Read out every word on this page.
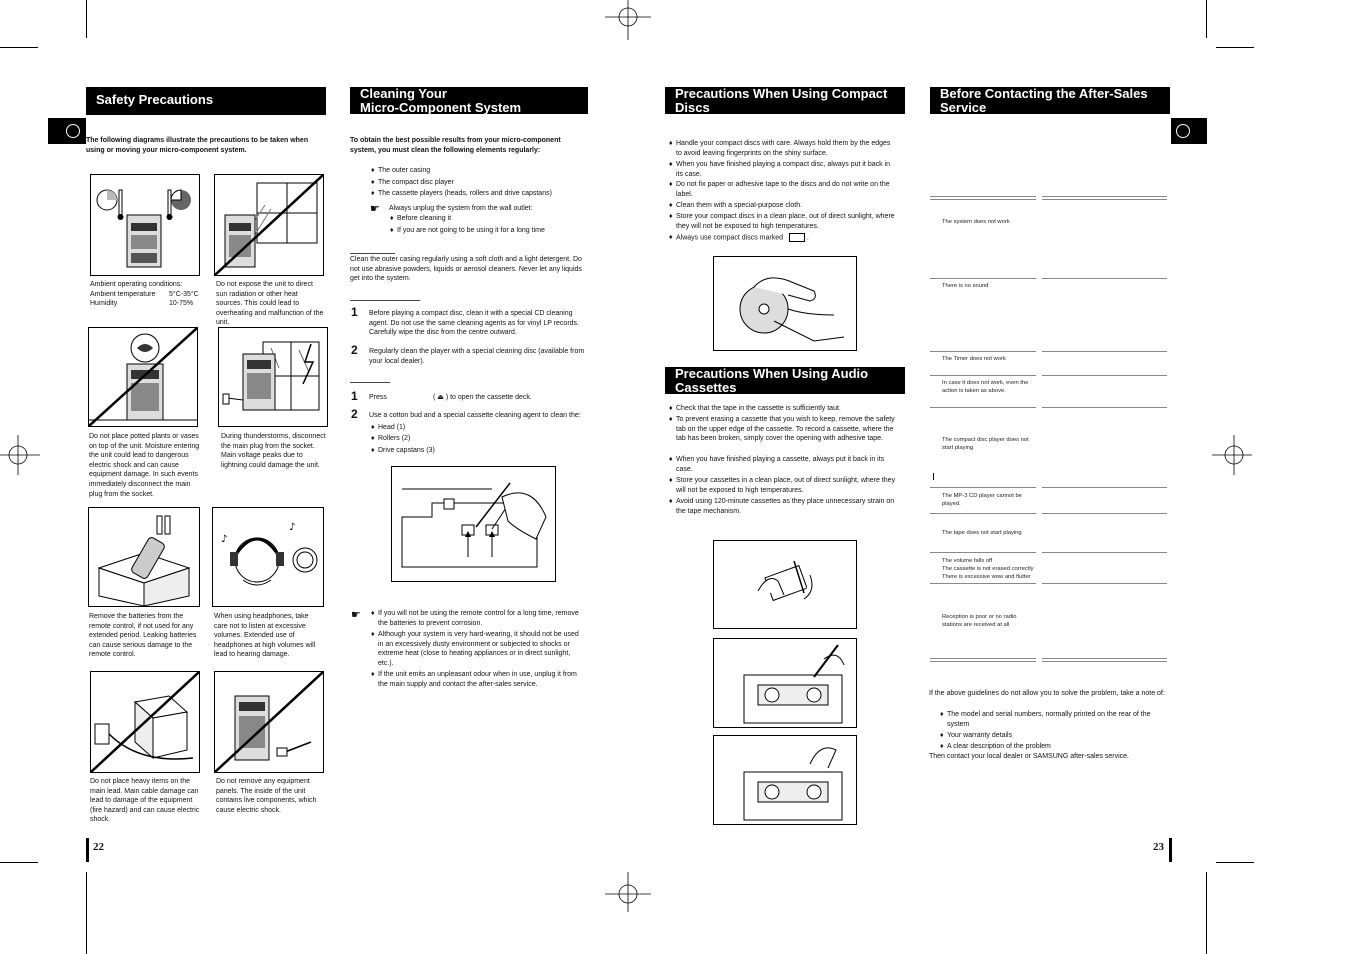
Safety Precautions
The following diagrams illustrate the precautions to be taken when using or moving your micro-component system.
Ambient operating conditions:
Ambient temperature 5°C-35°C
Humidity	10-75%
Do not expose the unit to direct sun radiation or other heat sources. This could lead to overheating and malfunction of the unit.
Do not place potted plants or vases on top of the unit. Moisture entering the unit could lead to dangerous electric shock and can cause equipment damage. In such events immediately disconnect the main plug from the socket.
During thunderstorms, disconnect the main plug from the socket. Main voltage peaks due to lightning could damage the unit.
Remove the batteries from the remote control, if not used for any extended period. Leaking batteries can cause serious damage to the remote control.
♪
♪
When using headphones, take care not to listen at excessive volumes. Extended use of headphones at high volumes will lead to hearing damage.
Do not place heavy items on the main lead. Main cable damage can lead to damage of the equipment (fire hazard) and can cause electric shock.
Do not remove any equipment panels. The inside of the unit contains live components, which cause electric shock.
Cleaning Your
Micro-Component System
To obtain the best possible results from your micro-component system, you must clean the following elements regularly:
♦ The outer casing
♦ The compact disc player
♦ The cassette players (heads, rollers and drive capstans)
☛ Always unplug the system from the wall outlet:
♦ Before cleaning it
♦ If you are not going to be using it for a long time
Clean the outer casing regularly using a soft cloth and a light detergent. Do not use abrasive powders, liquids or aerosol cleaners. Never let any liquids get into the system.
1 Before playing a compact disc, clean it with a special CD cleaning agent. Do not use the same cleaning agents as for vinyl LP records. Carefully wipe the disc from the centre outward.
2 Regularly clean the player with a special cleaning disc (available from your local dealer).
1 Press	( ⏏ ) to open the cassette deck.
2 Use a cotton bud and a special cassette cleaning agent to clean the:
♦ Head (1)
♦ Rollers (2)
♦ Drive capstans (3)
☛ ♦ If you will not be using the remote control for a long time, remove the batteries to prevent corrosion.
♦ Although your system is very hard-wearing, it should not be used in an excessively dusty environment or subjected to shocks or extreme heat (close to heating appliances or in direct sunlight, etc.).
♦ If the unit emits an unpleasant odour when in use, unplug it from the main supply and contact the after-sales service.
22
Precautions When Using Compact Discs
♦ Handle your compact discs with care. Always hold them by the edges to avoid leaving fingerprints on the shiny surface.
♦ When you have finished playing a compact disc, always put it back in its case.
♦ Do not fix paper or adhesive tape to the discs and do not write on the label.
♦ Clean them with a special-purpose cloth.
♦ Store your compact discs in a clean place, out of direct sunlight, where they will not be exposed to high temperatures.
♦ Always use compact discs marked	.
Precautions When Using Audio Cassettes
♦ Check that the tape in the cassette is sufficiently taut.
♦ To prevent erasing a cassette that you wish to keep, remove the safety tab on the upper edge of the cassette. To record a cassette, where the tab has been broken, simply cover the opening with adhesive tape.
♦ When you have finished playing a cassette, always put it back in its case.
♦ Store your cassettes in a clean place, out of direct sunlight, where they will not be exposed to high temperatures.
♦ Avoid using 120-minute cassettes as they place unnecessary strain on the tape mechanism.
Before Contacting the After-Sales Service
The system does not work
There is no sound
The Timer does not work
In case it does not work, even the action is taken as above.
The compact disc player does not start playing
The MP-3 CD player cannot be played.
The tape does not start playing
The volume falls off
The cassette is not erased correctly
There is excessive wow and flutter
Reception is poor or no radio stations are received at all
If the above guidelines do not allow you to solve the problem, take a note of:
♦ The model and serial numbers, normally printed on the rear of the system
♦ Your warranty details
♦ A clear description of the problem
Then contact your local dealer or SAMSUNG after-sales service.
23
